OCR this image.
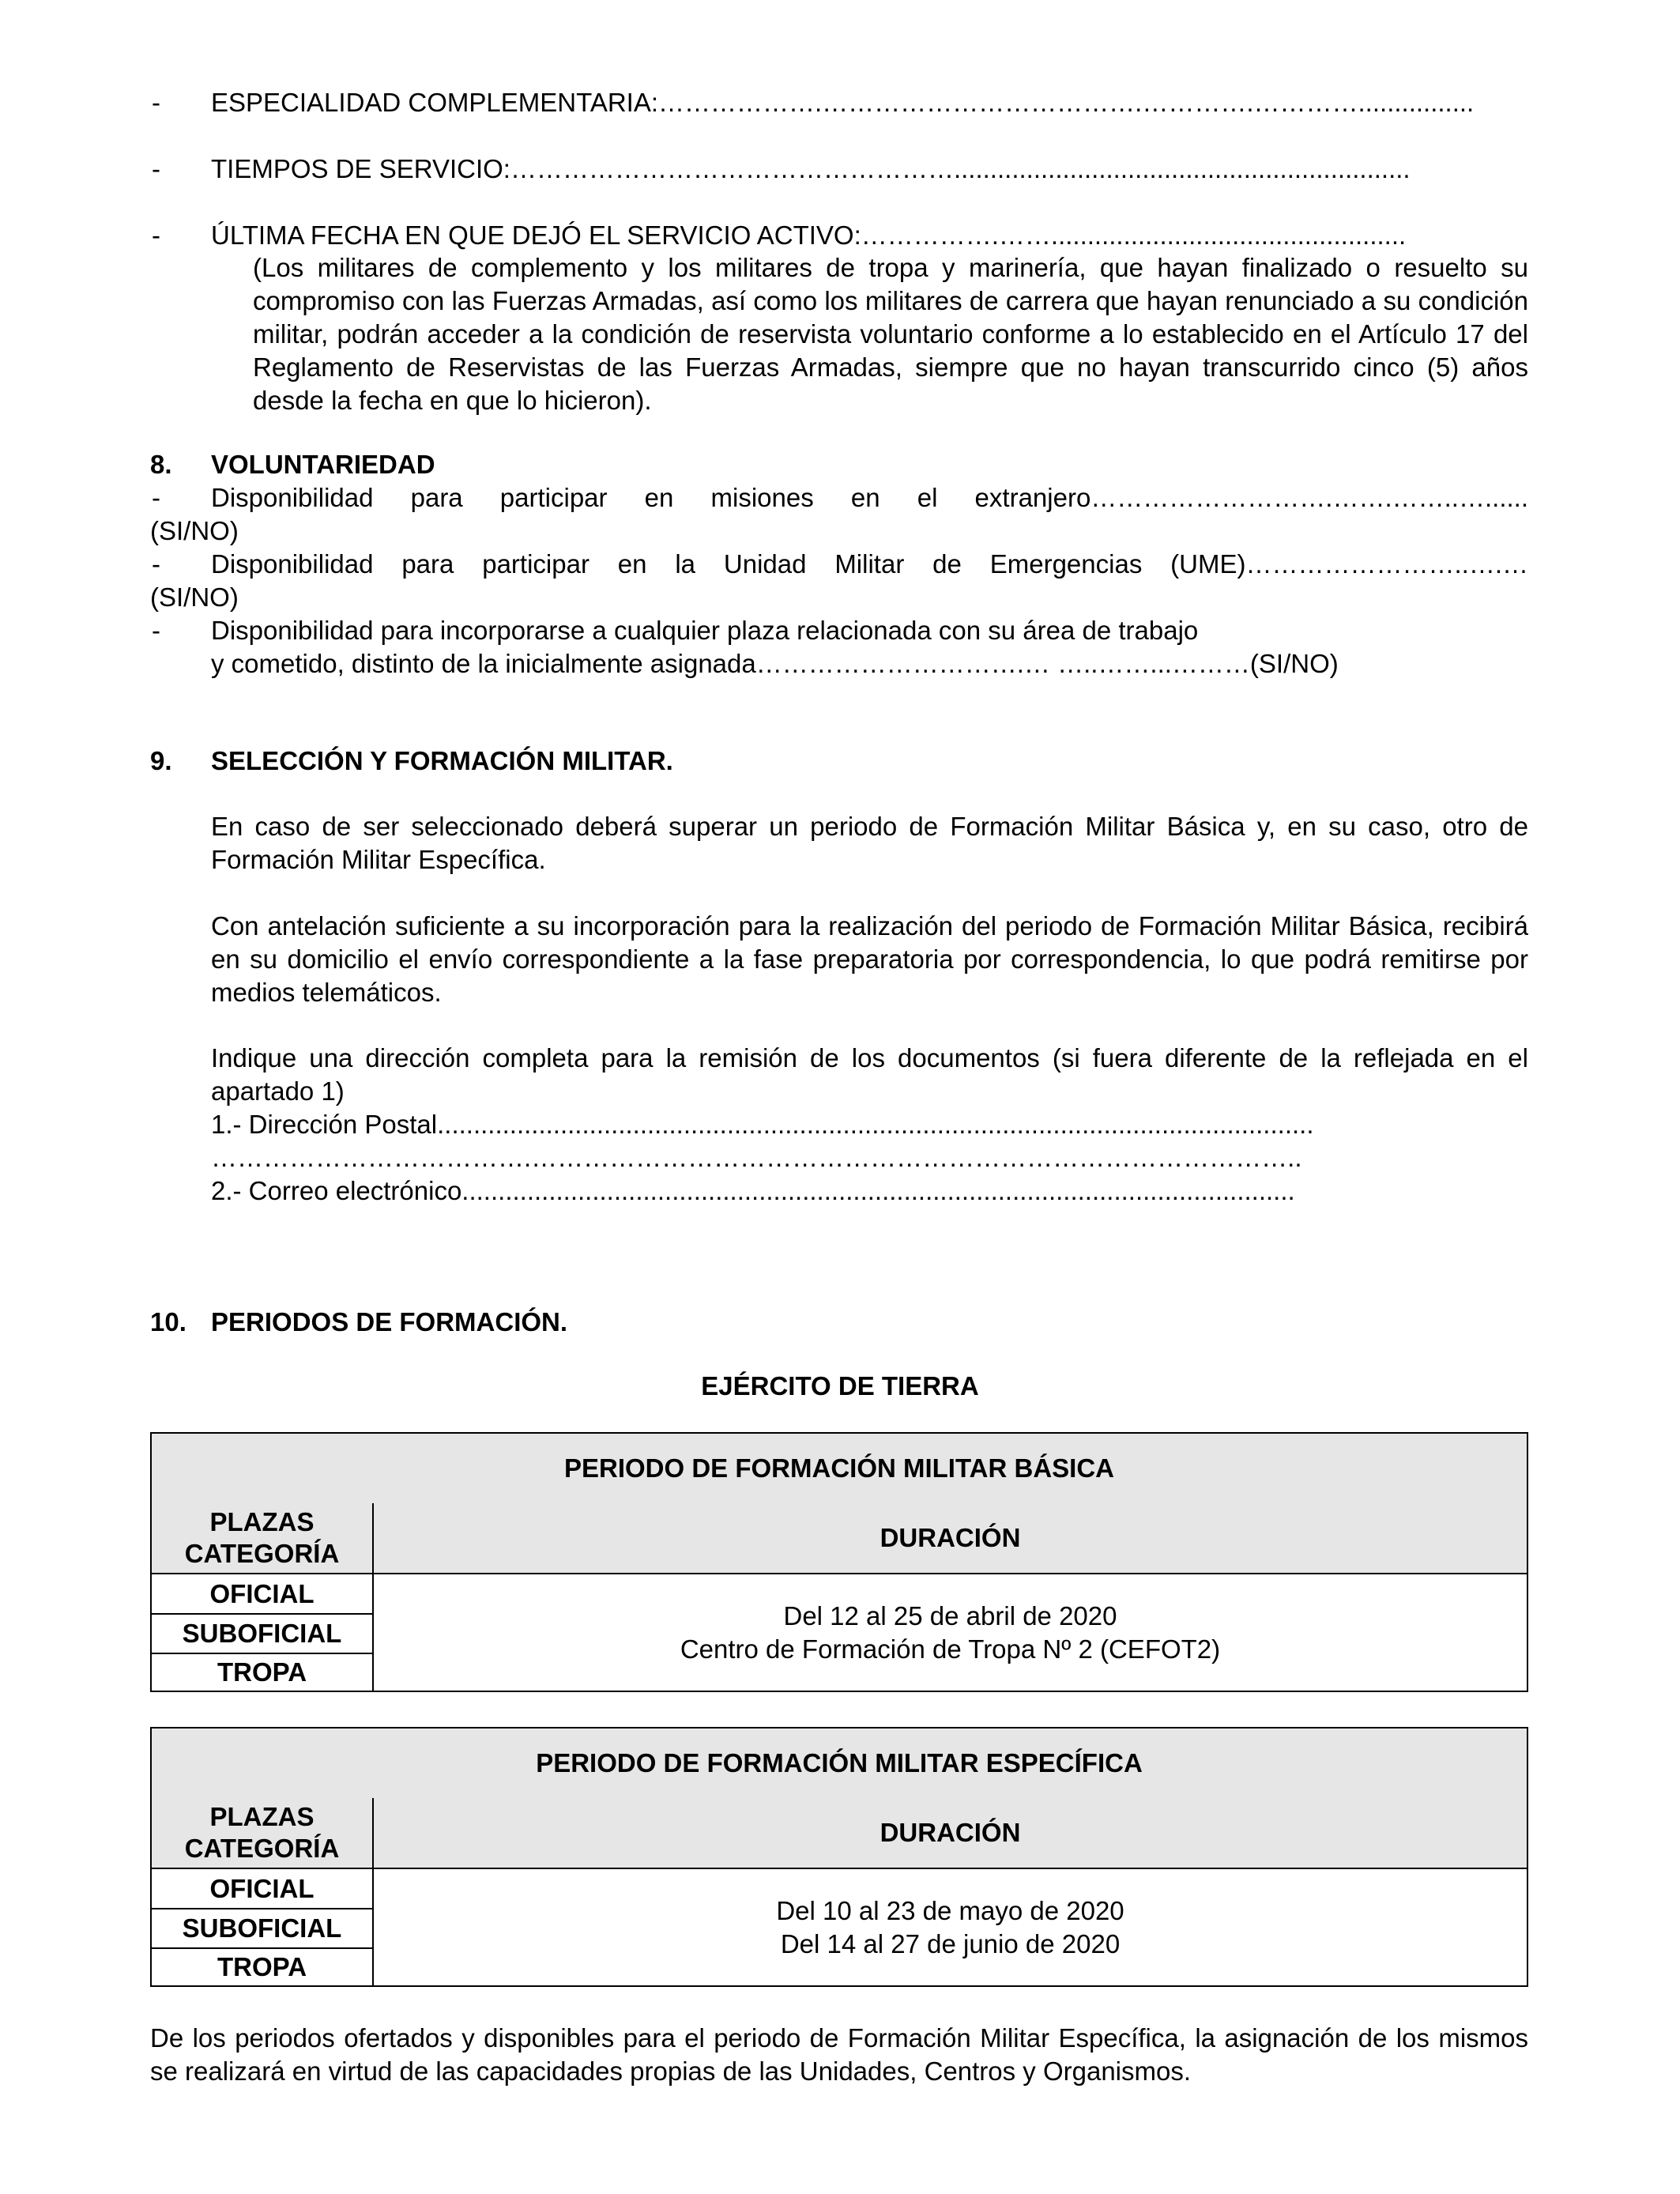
- ESPECIALIDAD COMPLEMENTARIA:……………….……………………………….………….…………................
- TIEMPOS DE SERVICIO:……………………………………………...............................................................
- ÚLTIMA FECHA EN QUE DEJÓ EL SERVICIO ACTIVO:…………….…….................................................
(Los militares de complemento y los militares de tropa y marinería, que hayan finalizado o resuelto su compromiso con las Fuerzas Armadas, así como los militares de carrera que hayan renunciado a su condición militar, podrán acceder a la condición de reservista voluntario conforme a lo establecido en el Artículo 17 del Reglamento de Reservistas de las Fuerzas Armadas, siempre que no hayan transcurrido cinco (5) años desde la fecha en que lo hicieron).
8. VOLUNTARIEDAD
- Disponibilidad para participar en misiones en el extranjero……………………….…….……..…......
(SI/NO)
- Disponibilidad para participar en la Unidad Militar de Emergencias (UME)……………………..….…
(SI/NO)
- Disponibilidad para incorporarse a cualquier plaza relacionada con su área de trabajo
y cometido, distinto de la inicialmente asignada………………………….… …..……...………(SI/NO)
9. SELECCIÓN Y FORMACIÓN MILITAR.
En caso de ser seleccionado deberá superar un periodo de Formación Militar Básica y, en su caso, otro de Formación Militar Específica.
Con antelación suficiente a su incorporación para la realización del periodo de Formación Militar Básica, recibirá en su domicilio el envío correspondiente a la fase preparatoria por correspondencia, lo que podrá remitirse por medios telemáticos.
Indique una dirección completa para la remisión de los documentos (si fuera diferente de la reflejada en el apartado 1)
1.- Dirección Postal.........................................................................................................................
……………………………….……………………………………………………………………………..
2.- Correo electrónico...................................................................................................................
10. PERIODOS DE FORMACIÓN.
EJÉRCITO DE TIERRA
PERIODO DE FORMACIÓN MILITAR BÁSICA
PLAZAS
CATEGORÍA
OFICIAL
SUBOFICIAL
TROPA
DURACIÓN
Del 12 al 25 de abril de 2020
Centro de Formación de Tropa Nº 2 (CEFOT2)
PERIODO DE FORMACIÓN MILITAR ESPECÍFICA
PLAZAS
CATEGORÍA
OFICIAL
SUBOFICIAL
TROPA
DURACIÓN
Del 10 al 23 de mayo de 2020
Del 14 al 27 de junio de 2020
De los periodos ofertados y disponibles para el periodo de Formación Militar Específica, la asignación de los mismos se realizará en virtud de las capacidades propias de las Unidades, Centros y Organismos.
